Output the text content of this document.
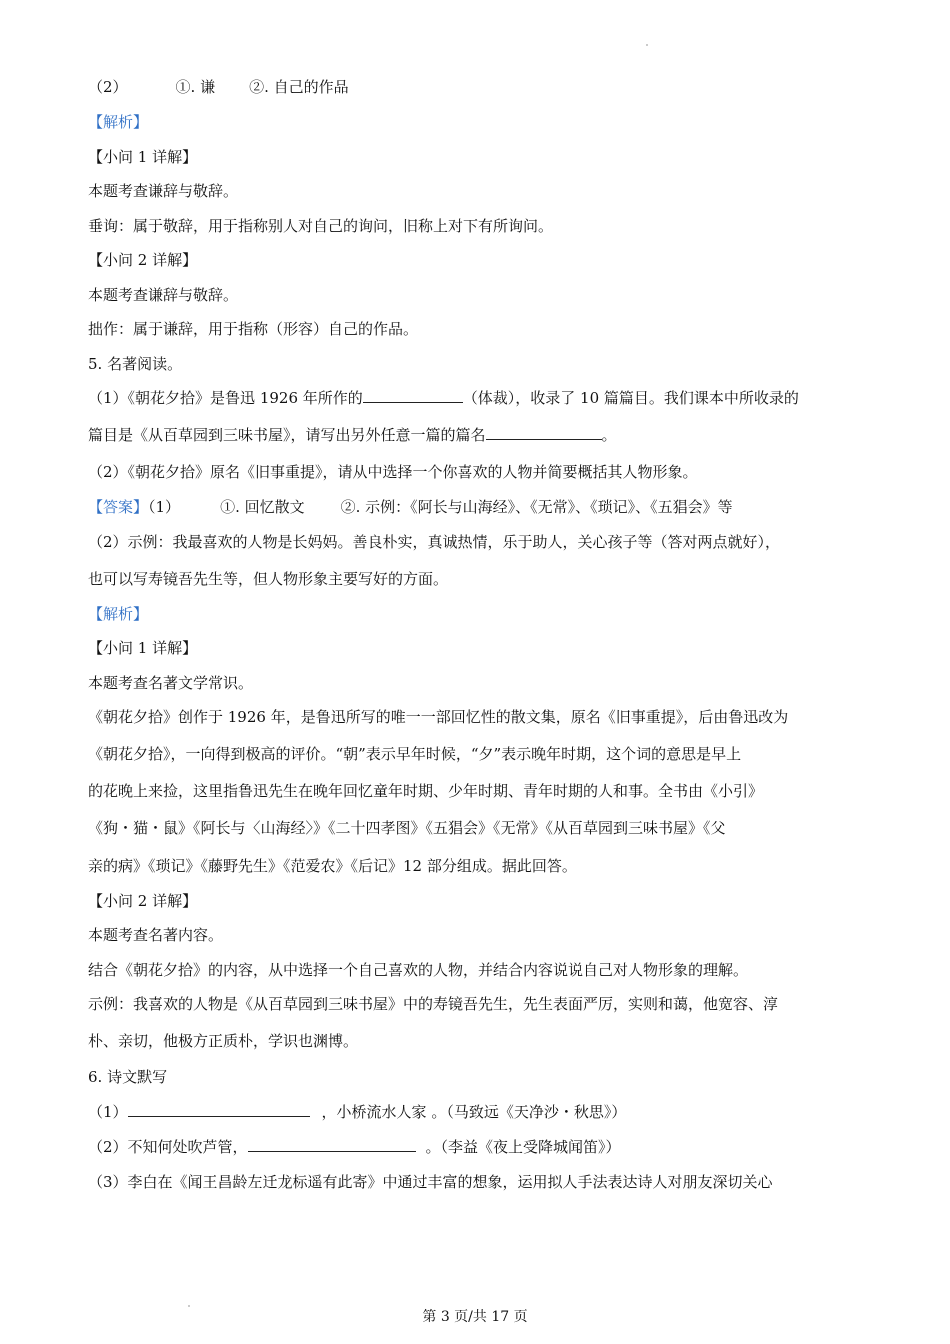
（2）	①. 谦 ②. 自己的作品
【解析】
【小问 1 详解】
本题考查谦辞与敬辞。
垂询：属于敬辞，用于指称别人对自己的询问，旧称上对下有所询问。
【小问 2 详解】
本题考查谦辞与敬辞。
拙作：属于谦辞，用于指称（形容）自己的作品。
5. 名著阅读。
（1）《朝花夕拾》是鲁迅 1926 年所作的	（体裁），收录了 10 篇篇目。我们课本中所收录的
篇目是《从百草园到三味书屋》，请写出另外任意一篇的篇名	。
（2）《朝花夕拾》原名《旧事重提》，请从中选择一个你喜欢的人物并简要概括其人物形象。
【答案】（1）	①. 回忆散文 ②. 示例：《阿长与山海经》、《无常》、《琐记》、《五猖会》等
（2）示例：我最喜欢的人物是长妈妈。善良朴实，真诚热情，乐于助人，关心孩子等（答对两点就好），
也可以写寿镜吾先生等，但人物形象主要写好的方面。
【解析】
【小问 1 详解】
本题考查名著文学常识。
《朝花夕拾》创作于 1926 年，是鲁迅所写的唯一一部回忆性的散文集，原名《旧事重提》，后由鲁迅改为
《朝花夕拾》，一向得到极高的评价。“朝”表示早年时候，“夕”表示晚年时期，这个词的意思是早上
的花晚上来捡，这里指鲁迅先生在晚年回忆童年时期、少年时期、青年时期的人和事。全书由《小引》
《狗・猫・鼠》《阿长与〈山海经〉》《二十四孝图》《五猖会》《无常》《从百草园到三味书屋》《父
亲的病》《琐记》《藤野先生》《范爱农》《后记》12 部分组成。据此回答。
【小问 2 详解】
本题考查名著内容。
结合《朝花夕拾》的内容，从中选择一个自己喜欢的人物，并结合内容说说自己对人物形象的理解。
示例：我喜欢的人物是《从百草园到三味书屋》中的寿镜吾先生，先生表面严厉，实则和蔼，他宽容、淳
朴、亲切，他极方正质朴，学识也渊博。
6. 诗文默写
（1）	，小桥流水人家 。（马致远《天净沙・秋思》）
（2）不知何处吹芦管，	。（李益《夜上受降城闻笛》）
（3）李白在《闻王昌龄左迁龙标遥有此寄》中通过丰富的想象，运用拟人手法表达诗人对朋友深切关心
第 3 页/共 17 页
